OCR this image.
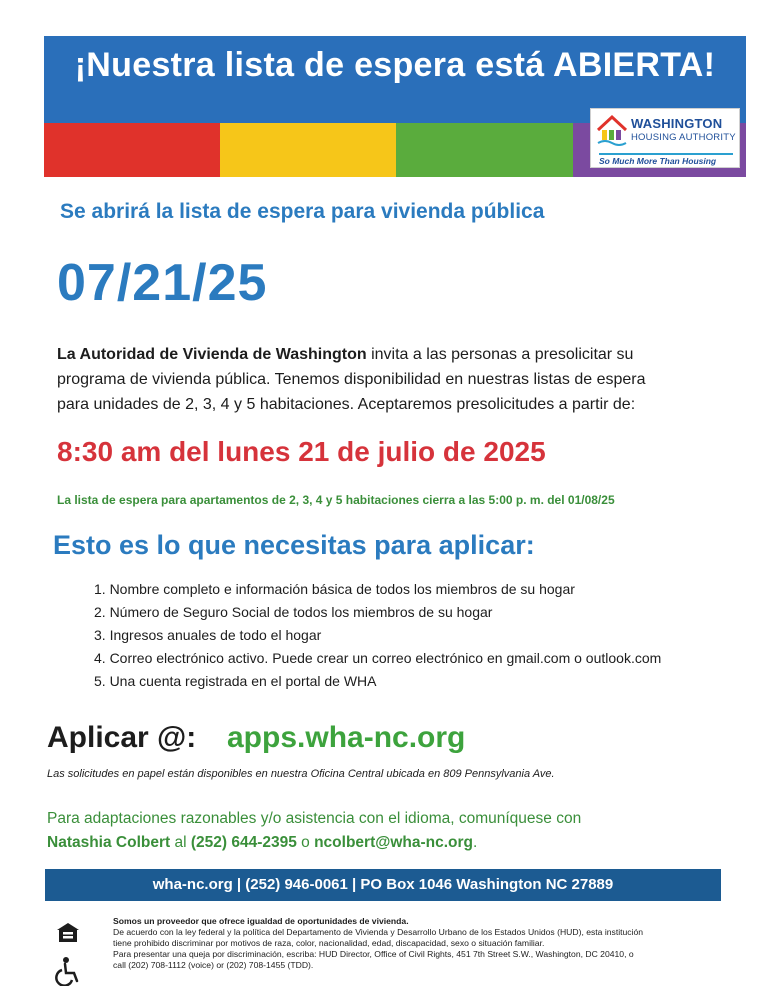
¡Nuestra lista de espera está ABIERTA!
WASHINGTON
HOUSING AUTHORITY
So Much More Than Housing
Se abrirá la lista de espera para vivienda pública
07/21/25
La Autoridad de Vivienda de Washington invita a las personas a presolicitar su
programa de vivienda pública. Tenemos disponibilidad en nuestras listas de espera
para unidades de 2, 3, 4 y 5 habitaciones. Aceptaremos presolicitudes a partir de:
8:30 am del lunes 21 de julio de 2025
La lista de espera para apartamentos de 2, 3, 4 y 5 habitaciones cierra a las 5:00 p. m. del 01/08/25
Esto es lo que necesitas para aplicar:
1. Nombre completo e información básica de todos los miembros de su hogar
2. Número de Seguro Social de todos los miembros de su hogar
3. Ingresos anuales de todo el hogar
4. Correo electrónico activo. Puede crear un correo electrónico en gmail.com o outlook.com
5. Una cuenta registrada en el portal de WHA
Aplicar @: apps.wha-nc.org
Las solicitudes en papel están disponibles en nuestra Oficina Central ubicada en 809 Pennsylvania Ave.
Para adaptaciones razonables y/o asistencia con el idioma, comuníquese con
Natashia Colbert al (252) 644-2395 o ncolbert@wha-nc.org.
wha-nc.org | (252) 946-0061 | PO Box 1046 Washington NC 27889
Somos un proveedor que ofrece igualdad de oportunidades de vivienda.
De acuerdo con la ley federal y la política del Departamento de Vivienda y Desarrollo Urbano de los Estados Unidos (HUD), esta institución
tiene prohibido discriminar por motivos de raza, color, nacionalidad, edad, discapacidad, sexo o situación familiar.
Para presentar una queja por discriminación, escriba: HUD Director, Office of Civil Rights, 451 7th Street S.W., Washington, DC 20410, o
call (202) 708-1112 (voice) or (202) 708-1455 (TDD).
